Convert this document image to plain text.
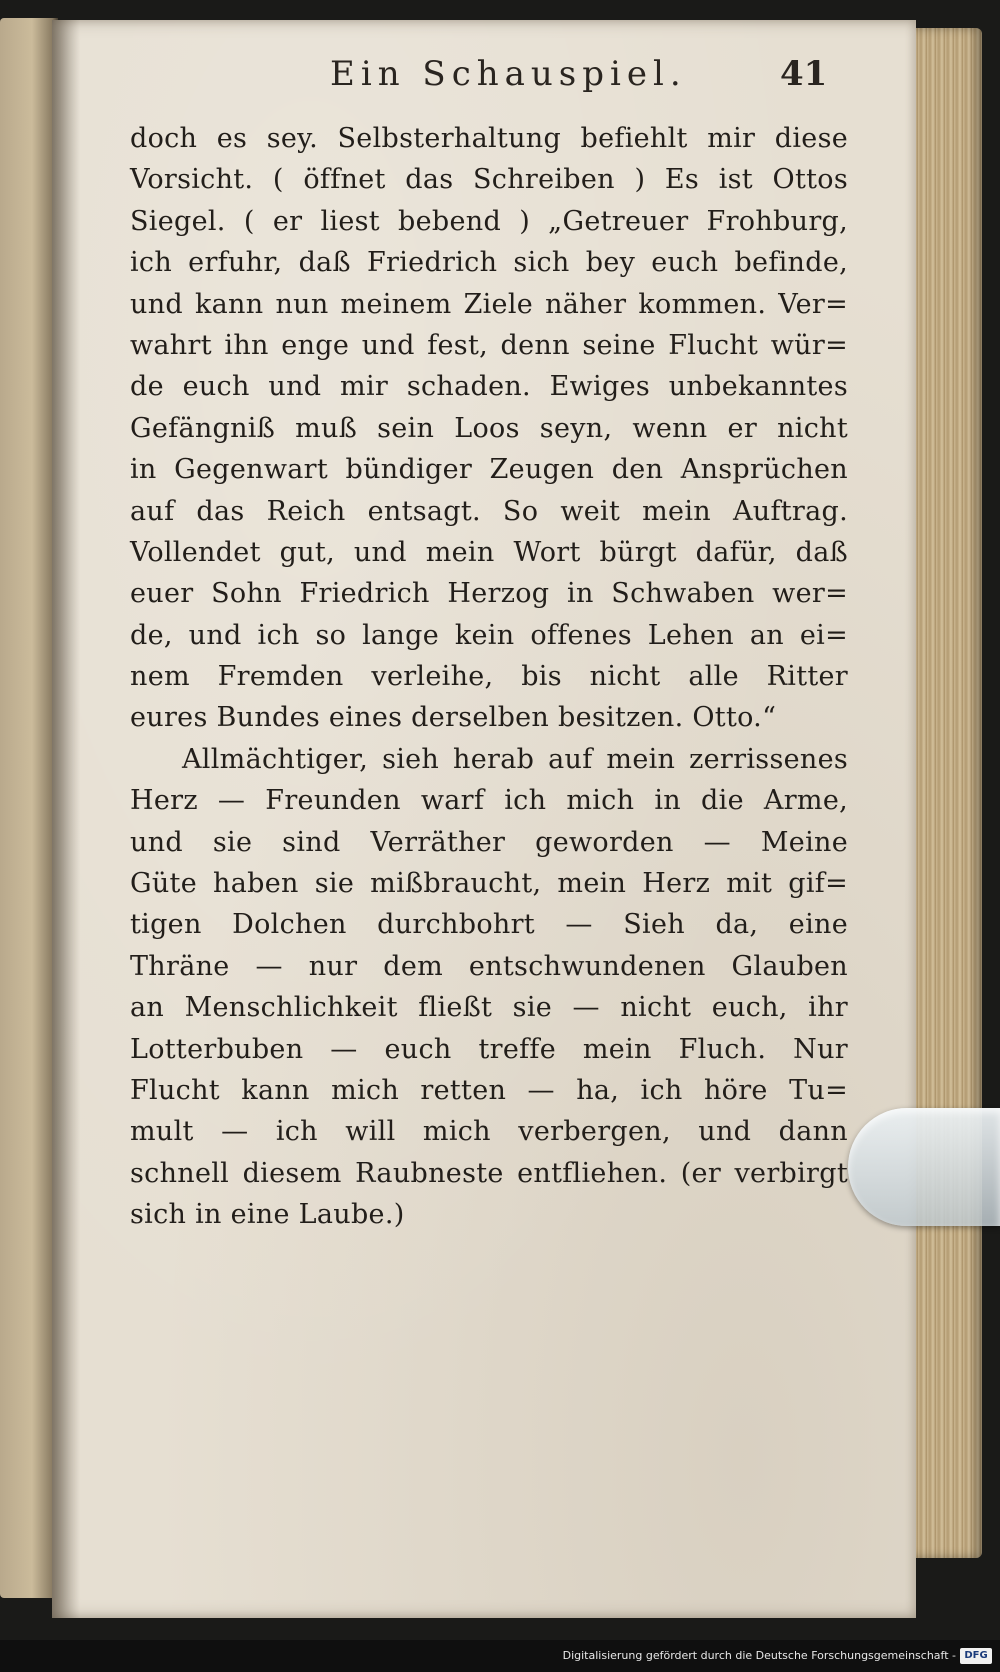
Ein Schauspiel.	41
doch es sey. Selbsterhaltung befiehlt mir diese
Vorsicht. ( öffnet das Schreiben ) Es ist Ottos
Siegel. ( er liest bebend ) „Getreuer Frohburg,
ich erfuhr, daß Friedrich sich bey euch befinde,
und kann nun meinem Ziele näher kommen. Ver=
wahrt ihn enge und fest, denn seine Flucht wür=
de euch und mir schaden. Ewiges unbekanntes
Gefängniß muß sein Loos seyn, wenn er nicht
in Gegenwart bündiger Zeugen den Ansprüchen
auf das Reich entsagt. So weit mein Auftrag.
Vollendet gut, und mein Wort bürgt dafür, daß
euer Sohn Friedrich Herzog in Schwaben wer=
de, und ich so lange kein offenes Lehen an ei=
nem Fremden verleihe, bis nicht alle Ritter
eures Bundes eines derselben besitzen. Otto.“
Allmächtiger, sieh herab auf mein zerrissenes
Herz — Freunden warf ich mich in die Arme,
und sie sind Verräther geworden — Meine
Güte haben sie mißbraucht, mein Herz mit gif=
tigen Dolchen durchbohrt — Sieh da, eine
Thräne — nur dem entschwundenen Glauben
an Menschlichkeit fließt sie — nicht euch, ihr
Lotterbuben — euch treffe mein Fluch. Nur
Flucht kann mich retten — ha, ich höre Tu=
mult — ich will mich verbergen, und dann
schnell diesem Raubneste entfliehen. (er verbirgt
sich in eine Laube.)
Digitalisierung gefördert durch die Deutsche Forschungsgemeinschaft - DFG
